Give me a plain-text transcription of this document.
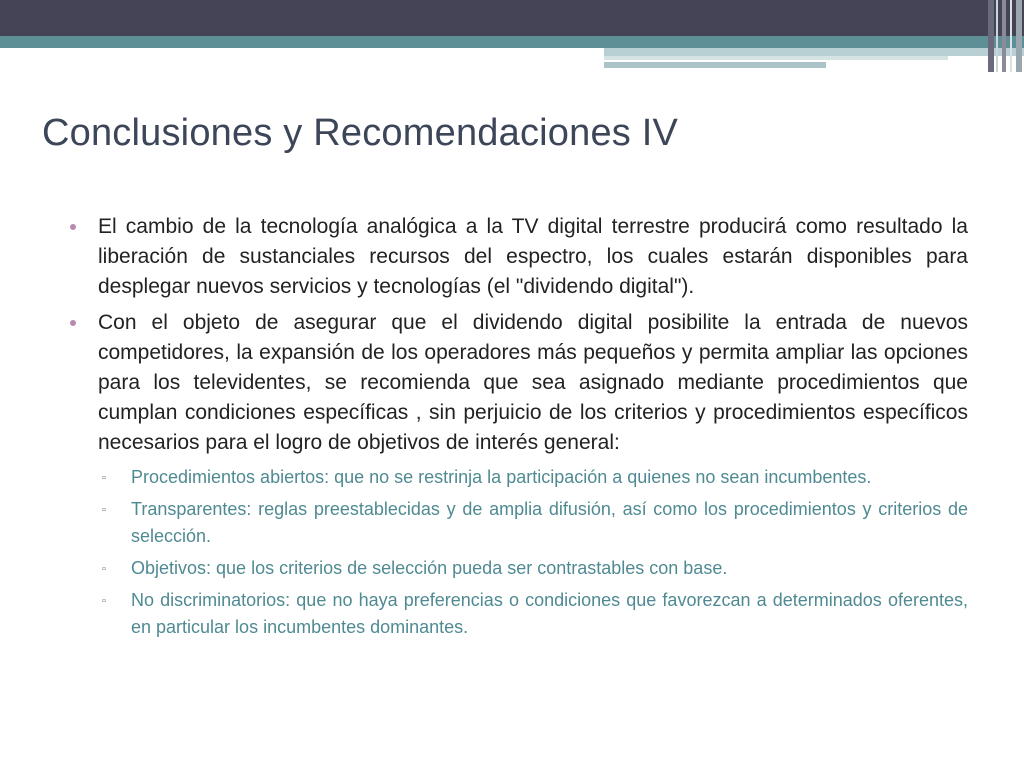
Conclusiones y Recomendaciones IV
El cambio de la tecnología analógica a la TV digital terrestre producirá como resultado la liberación de sustanciales recursos del espectro, los cuales estarán disponibles para desplegar nuevos servicios y tecnologías (el "dividendo digital").
Con el objeto de asegurar que el dividendo digital posibilite la entrada de nuevos competidores, la expansión de los operadores más pequeños y permita ampliar las opciones para los televidentes, se recomienda que sea asignado mediante procedimientos que cumplan condiciones específicas , sin perjuicio de los criterios y procedimientos específicos necesarios para el logro de objetivos de interés general:
▫ Procedimientos abiertos: que no se restrinja la participación a quienes no sean incumbentes.
▫ Transparentes: reglas preestablecidas y de amplia difusión, así como los procedimientos y criterios de selección.
▫ Objetivos: que los criterios de selección pueda ser contrastables con base.
▫ No discriminatorios: que no haya preferencias o condiciones que favorezcan a determinados oferentes, en particular los incumbentes dominantes.
